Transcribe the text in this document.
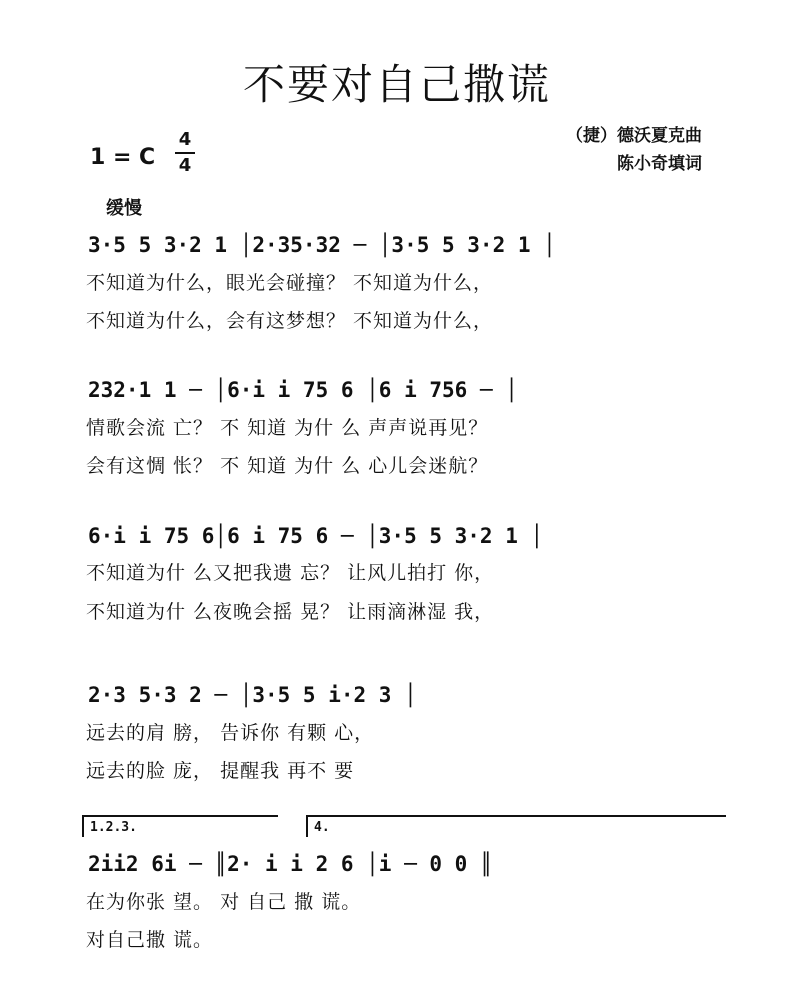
不要对自己撒谎
1 = C
4
4
（捷）德沃夏克曲
陈小奇填词
缓慢
3·5 5 3·2 1 │2·35·32 ─ │3·5 5 3·2 1 │
不知道为什么，眼光会碰撞？ 不知道为什么，
不知道为什么，会有这梦想？ 不知道为什么，
232·1 1 ─ │6·i i 75 6 │6 i 756 ─ │
情歌会流 亡？ 不 知道 为什 么 声声说再见？
会有这惆 怅？ 不 知道 为什 么 心儿会迷航？
6·i i 75 6│6 i 75 6 ─ │3·5 5 3·2 1 │
不知道为什 么又把我遗 忘？ 让风儿拍打 你，
不知道为什 么夜晚会摇 晃？ 让雨滴淋湿 我，
2·3 5·3 2 ─ │3·5 5 i·2 3 │
远去的肩 膀， 告诉你 有颗 心，
远去的脸 庞， 提醒我 再不 要
1.2.3.	4.
2ii2 6i ─ ║2· i i 2 6 │i ─ 0 0 ║
在为你张 望。 对 自己 撒 谎。
对自己撒 谎。
